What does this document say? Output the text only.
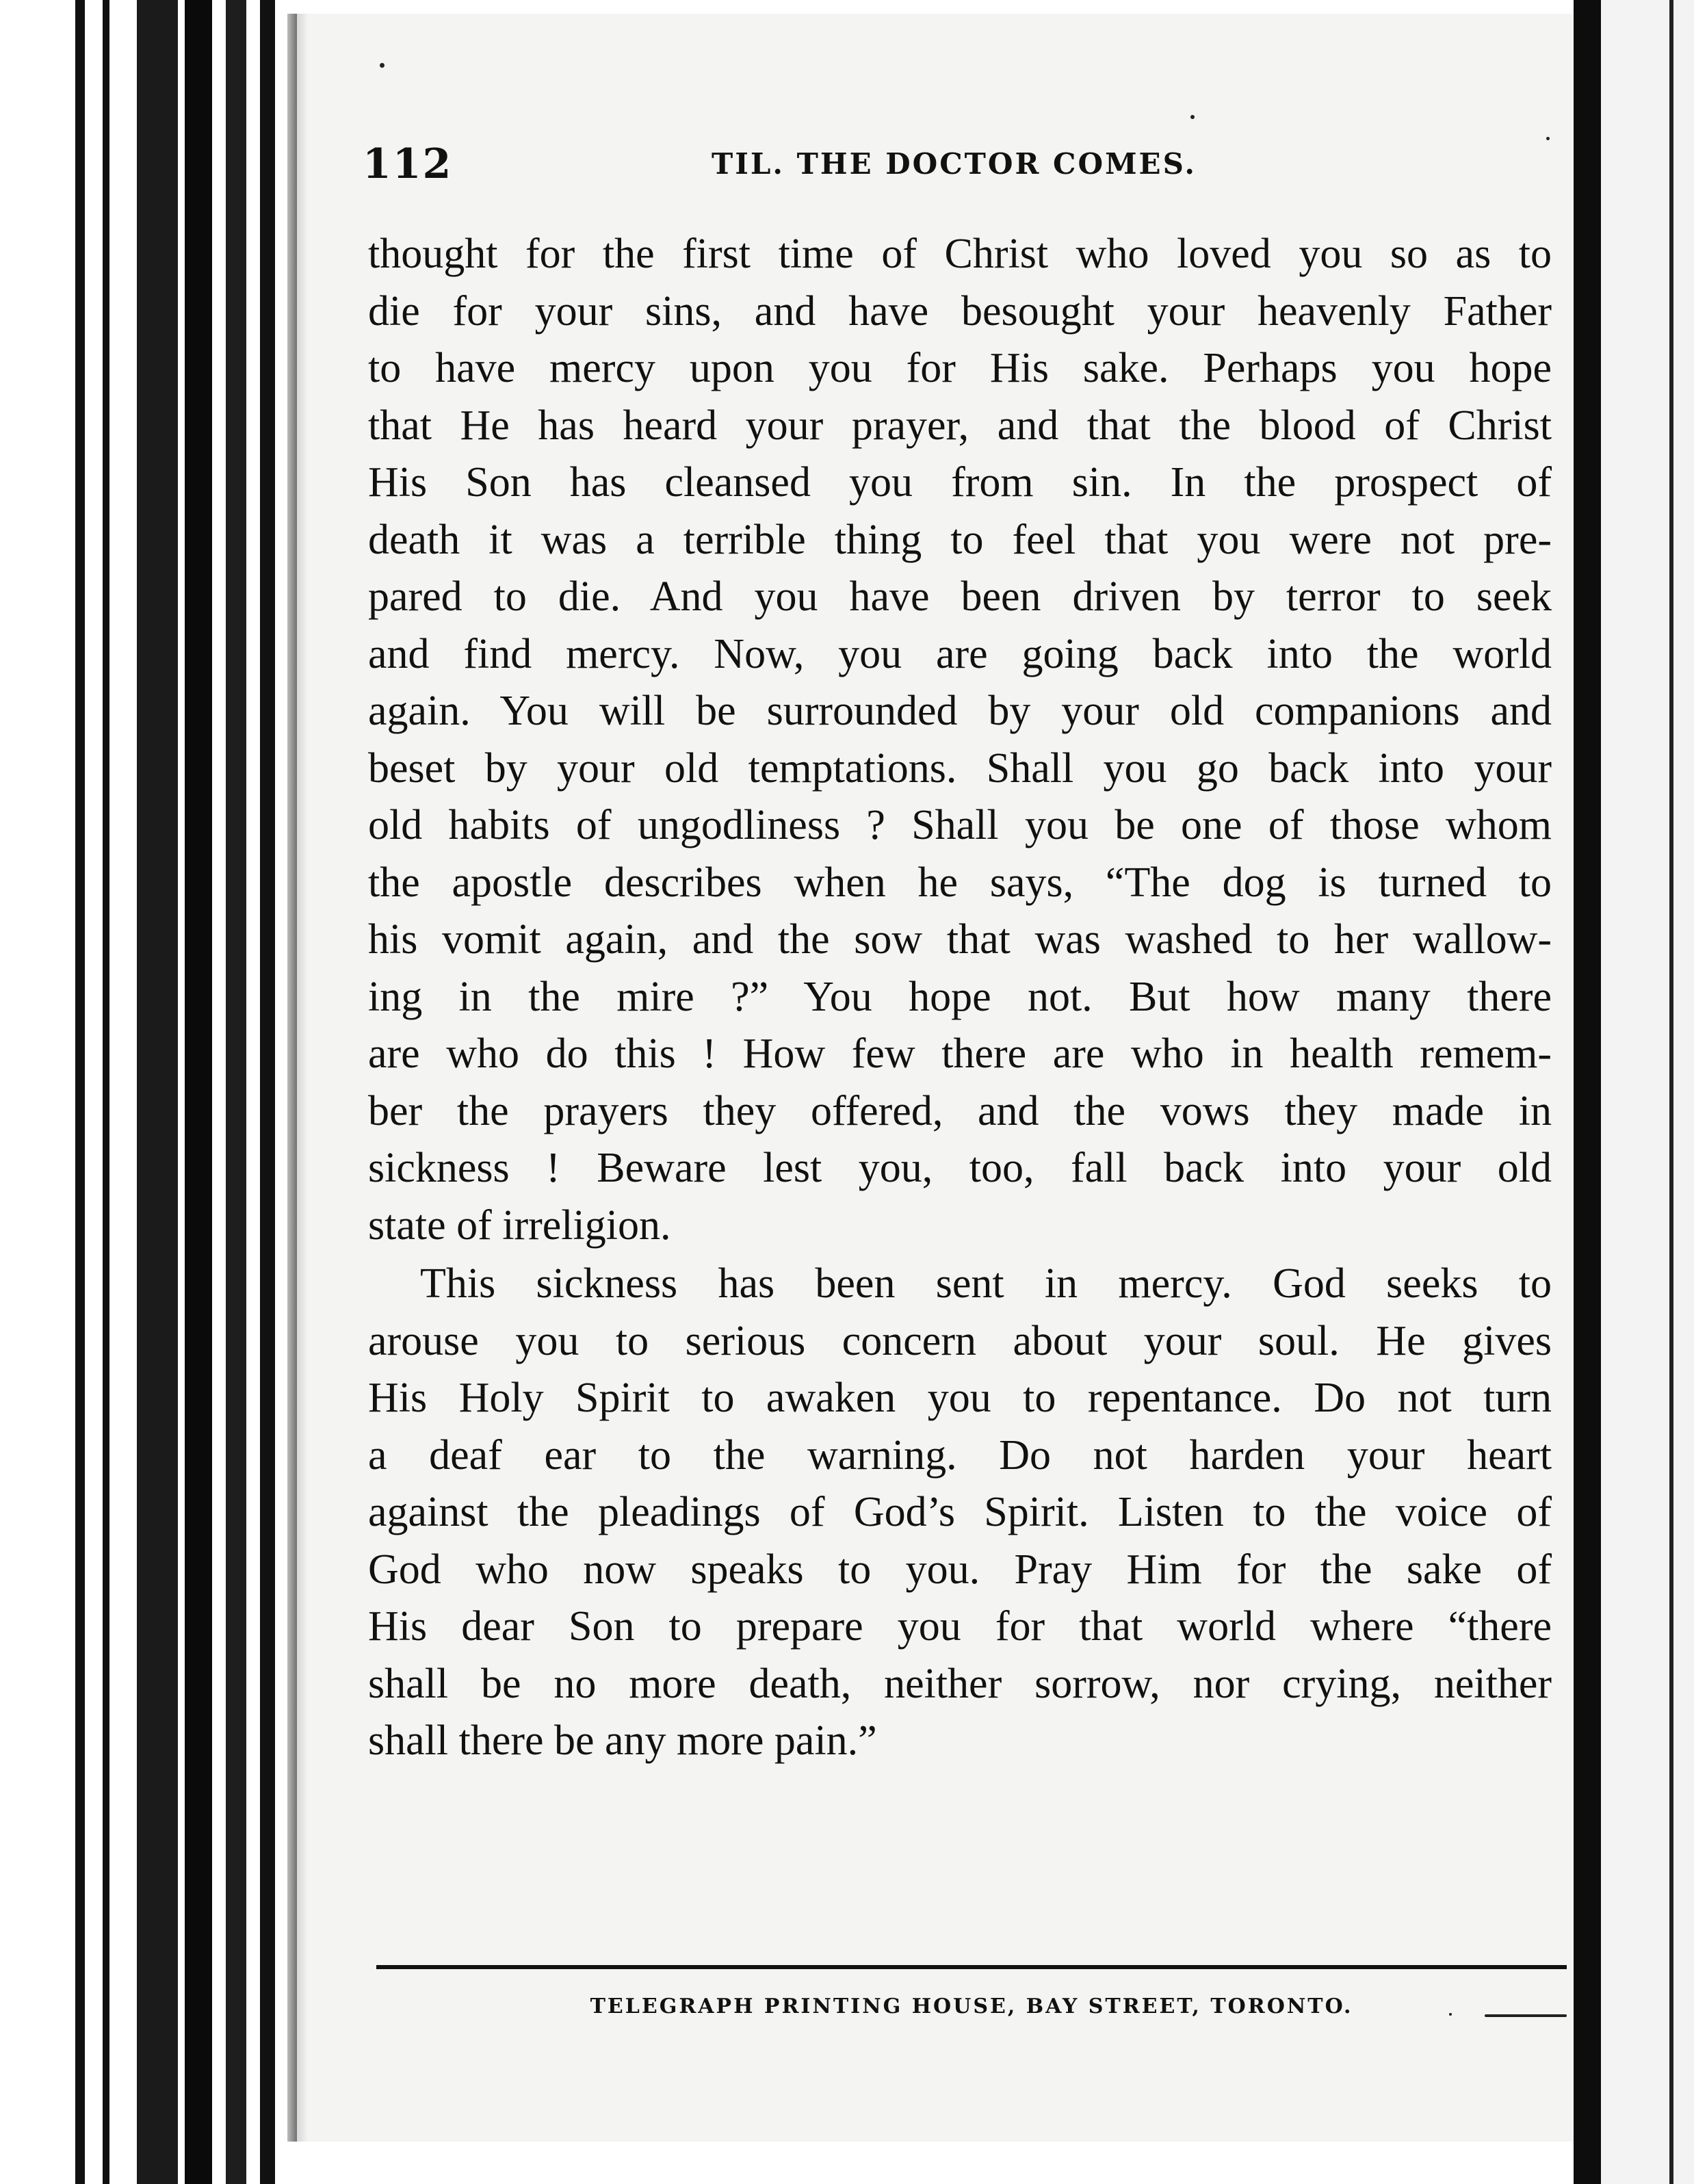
112	TIL. THE DOCTOR COMES.
thought for the first time of Christ who loved you so as to
die for your sins, and have besought your heavenly Father
to have mercy upon you for His sake. Perhaps you hope
that He has heard your prayer, and that the blood of Christ
His Son has cleansed you from sin. In the prospect of
death it was a terrible thing to feel that you were not pre-
pared to die. And you have been driven by terror to seek
and find mercy. Now, you are going back into the world
again. You will be surrounded by your old companions and
beset by your old temptations. Shall you go back into your
old habits of ungodliness ? Shall you be one of those whom
the apostle describes when he says, “The dog is turned to
his vomit again, and the sow that was washed to her wallow-
ing in the mire ?” You hope not. But how many there
are who do this ! How few there are who in health remem-
ber the prayers they offered, and the vows they made in
sickness ! Beware lest you, too, fall back into your old
state of irreligion.
This sickness has been sent in mercy. God seeks to
arouse you to serious concern about your soul. He gives
His Holy Spirit to awaken you to repentance. Do not turn
a deaf ear to the warning. Do not harden your heart
against the pleadings of God’s Spirit. Listen to the voice of
God who now speaks to you. Pray Him for the sake of
His dear Son to prepare you for that world where “there
shall be no more death, neither sorrow, nor crying, neither
shall there be any more pain.”
TELEGRAPH PRINTING HOUSE, BAY STREET, TORONTO.
